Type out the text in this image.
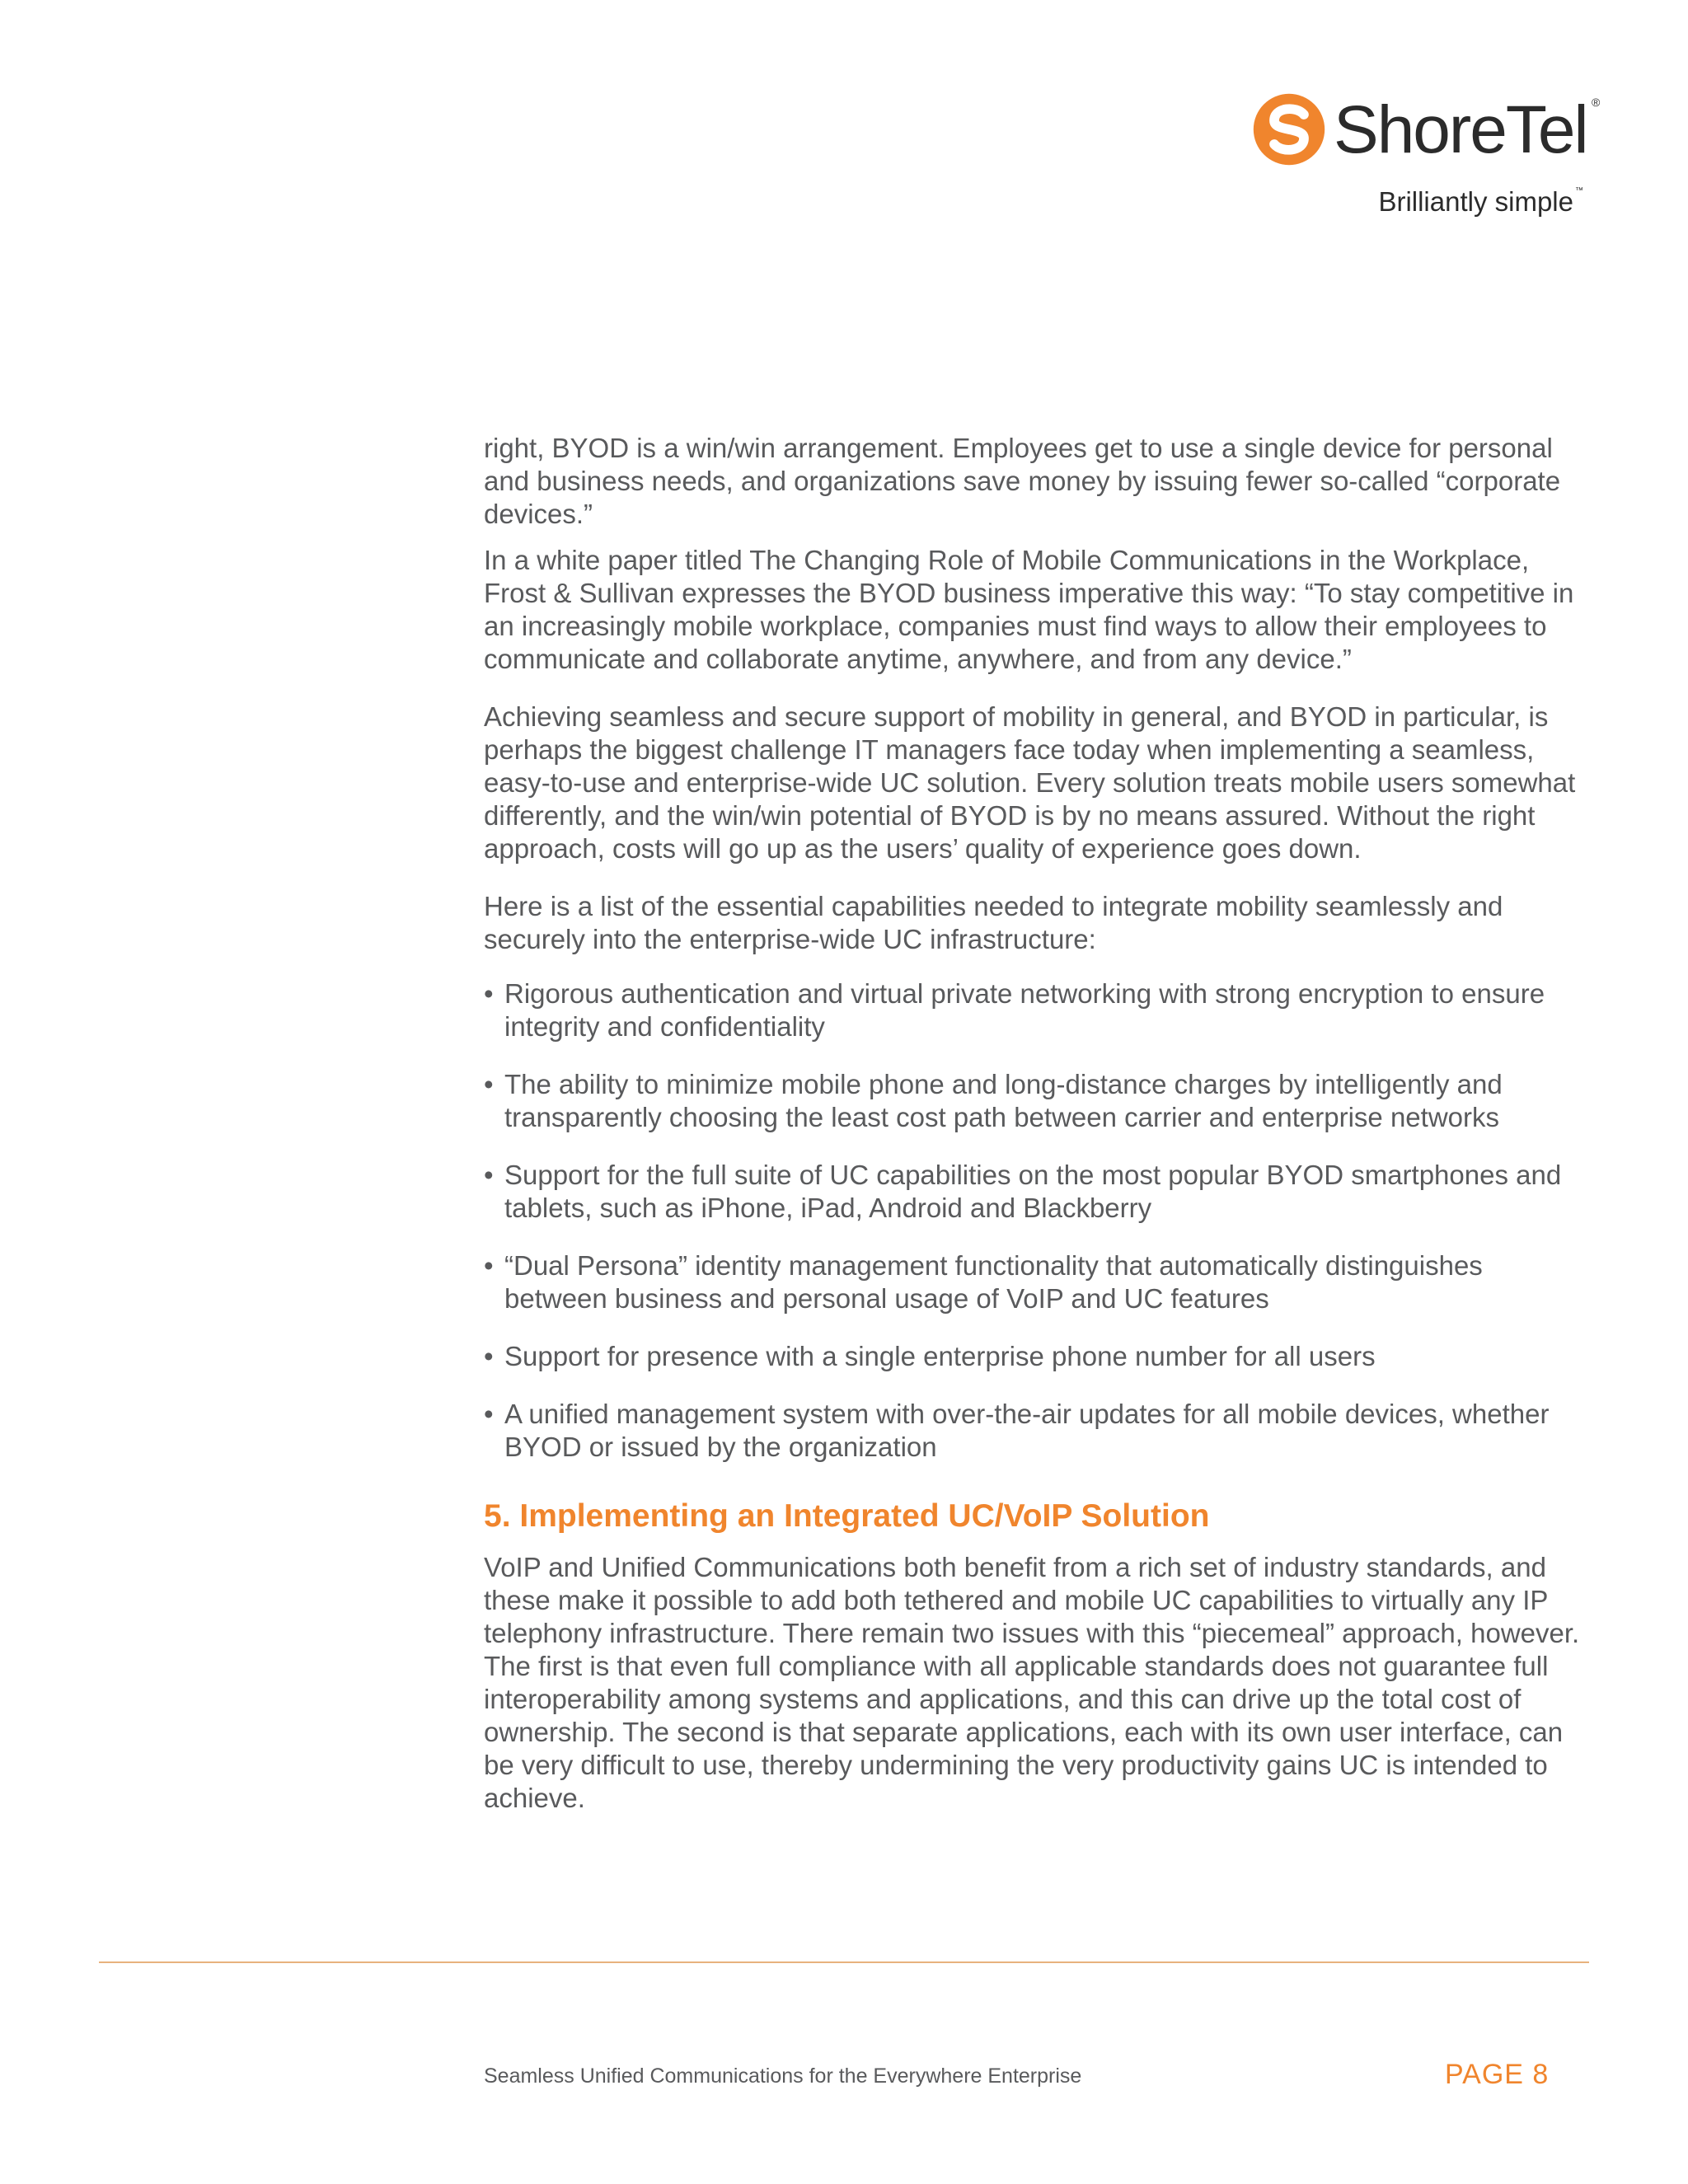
ShoreTel ®
Brilliantly simple ™

right, BYOD is a win/win arrangement. Employees get to use a single device for personal and business needs, and organizations save money by issuing fewer so-called “corporate devices.”

In a white paper titled The Changing Role of Mobile Communications in the Workplace, Frost & Sullivan expresses the BYOD business imperative this way: “To stay competitive in an increasingly mobile workplace, companies must find ways to allow their employees to communicate and collaborate anytime, anywhere, and from any device.”

Achieving seamless and secure support of mobility in general, and BYOD in particular, is perhaps the biggest challenge IT managers face today when implementing a seamless, easy-to-use and enterprise-wide UC solution. Every solution treats mobile users somewhat differently, and the win/win potential of BYOD is by no means assured. Without the right approach, costs will go up as the users’ quality of experience goes down.

Here is a list of the essential capabilities needed to integrate mobility seamlessly and securely into the enterprise-wide UC infrastructure:

• Rigorous authentication and virtual private networking with strong encryption to ensure integrity and confidentiality
• The ability to minimize mobile phone and long-distance charges by intelligently and transparently choosing the least cost path between carrier and enterprise networks
• Support for the full suite of UC capabilities on the most popular BYOD smartphones and tablets, such as iPhone, iPad, Android and Blackberry
• “Dual Persona” identity management functionality that automatically distinguishes between business and personal usage of VoIP and UC features
• Support for presence with a single enterprise phone number for all users
• A unified management system with over-the-air updates for all mobile devices, whether BYOD or issued by the organization
5. Implementing an Integrated UC/VoIP Solution

VoIP and Unified Communications both benefit from a rich set of industry standards, and these make it possible to add both tethered and mobile UC capabilities to virtually any IP telephony infrastructure. There remain two issues with this “piecemeal” approach, however. The first is that even full compliance with all applicable standards does not guarantee full interoperability among systems and applications, and this can drive up the total cost of ownership. The second is that separate applications, each with its own user interface, can be very difficult to use, thereby undermining the very productivity gains UC is intended to achieve.

Seamless Unified Communications for the Everywhere Enterprise	PAGE 8
